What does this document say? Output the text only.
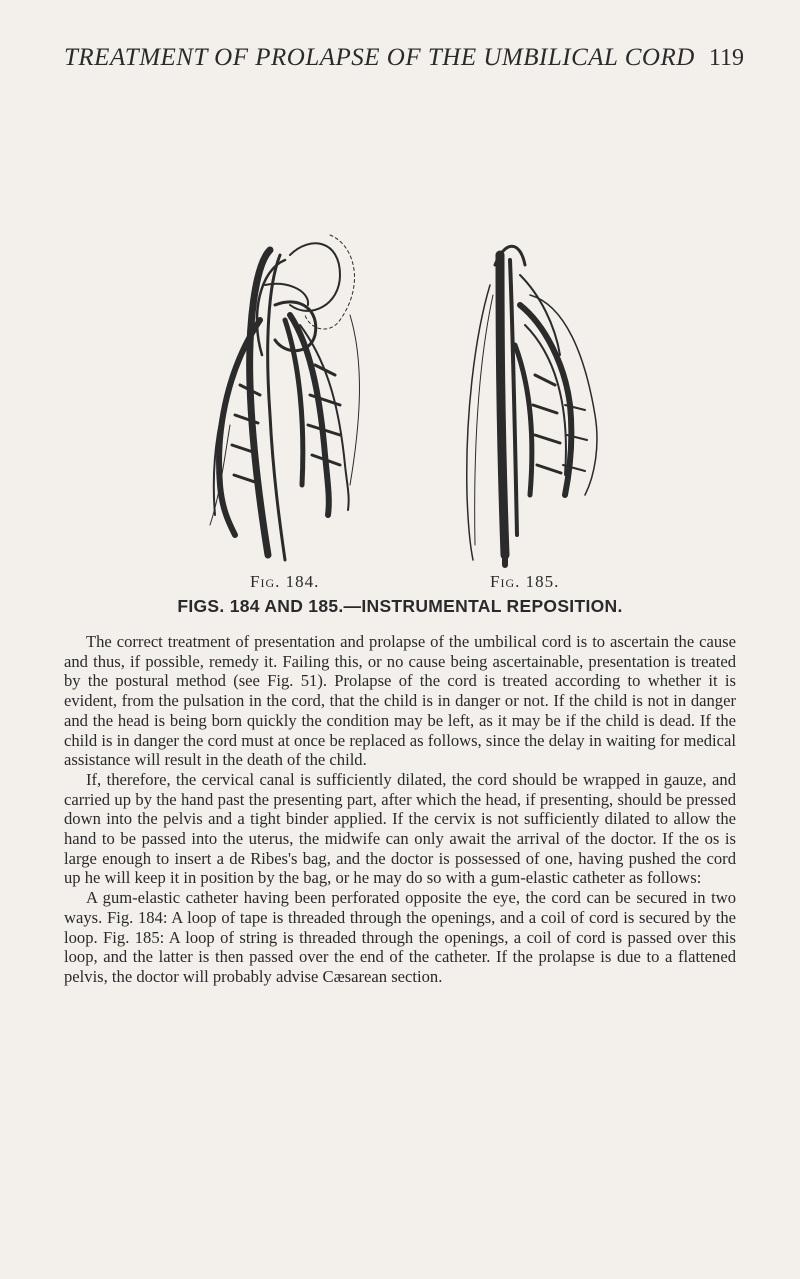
TREATMENT OF PROLAPSE OF THE UMBILICAL CORD 119
Fig. 184.	Fig. 185.
FIGS. 184 AND 185.—INSTRUMENTAL REPOSITION.

The correct treatment of presentation and prolapse of the umbilical cord is to ascertain the cause and thus, if possible, remedy it. Failing this, or no cause being ascertainable, presentation is treated by the postural method (see Fig. 51). Prolapse of the cord is treated according to whether it is evident, from the pulsation in the cord, that the child is in danger or not. If the child is not in danger and the head is being born quickly the condition may be left, as it may be if the child is dead. If the child is in danger the cord must at once be replaced as follows, since the delay in waiting for medical assistance will result in the death of the child.

If, therefore, the cervical canal is sufficiently dilated, the cord should be wrapped in gauze, and carried up by the hand past the presenting part, after which the head, if presenting, should be pressed down into the pelvis and a tight binder applied. If the cervix is not sufficiently dilated to allow the hand to be passed into the uterus, the midwife can only await the arrival of the doctor. If the os is large enough to insert a de Ribes's bag, and the doctor is possessed of one, having pushed the cord up he will keep it in position by the bag, or he may do so with a gum-elastic catheter as follows:

A gum-elastic catheter having been perforated opposite the eye, the cord can be secured in two ways. Fig. 184: A loop of tape is threaded through the openings, and a coil of cord is secured by the loop. Fig. 185: A loop of string is threaded through the openings, a coil of cord is passed over this loop, and the latter is then passed over the end of the catheter. If the prolapse is due to a flattened pelvis, the doctor will probably advise Cæsarean section.
